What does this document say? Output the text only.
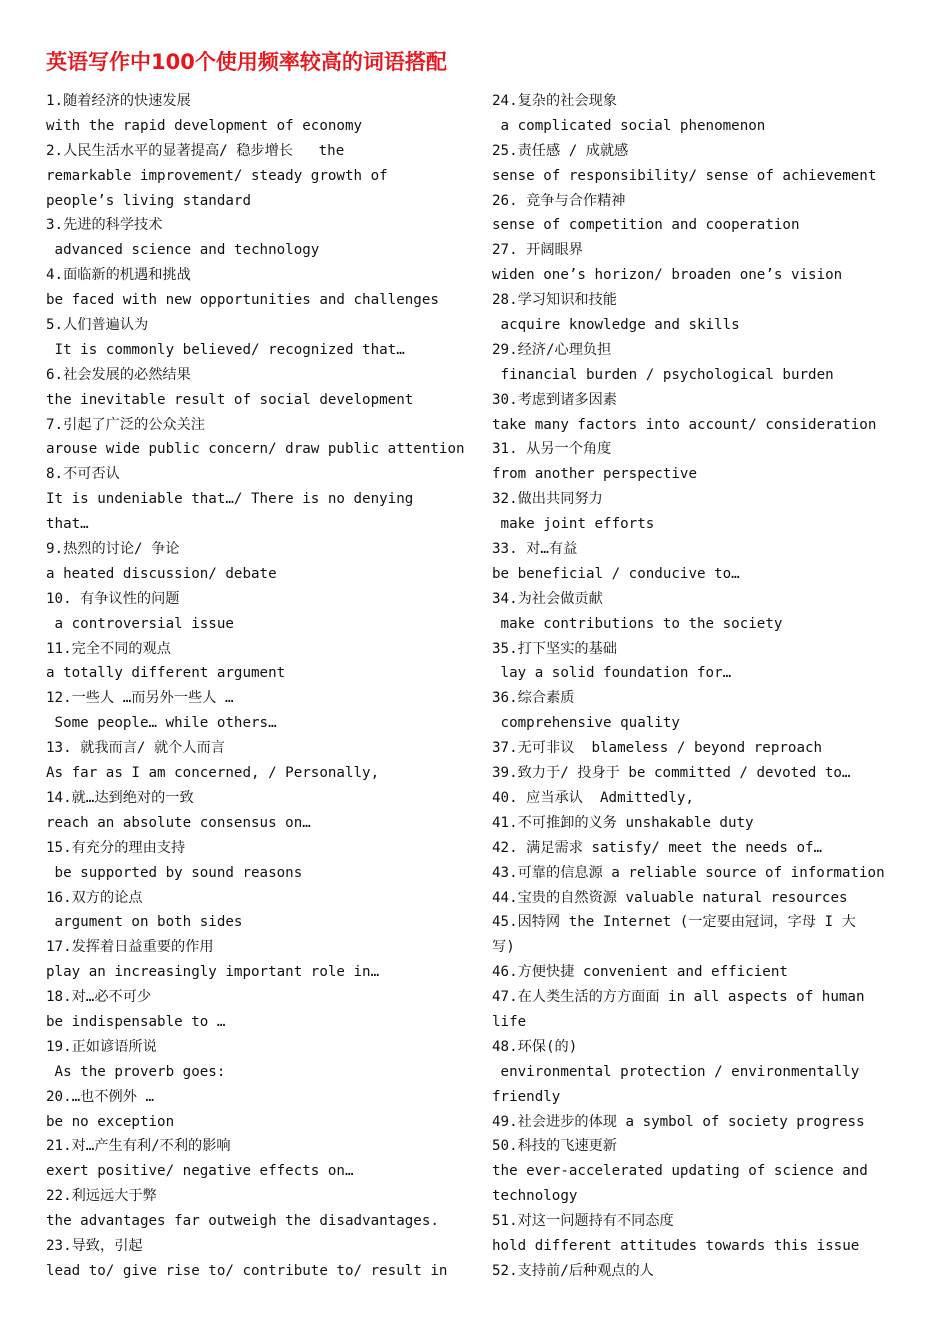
英语写作中100个使用频率较高的词语搭配
1.随着经济的快速发展
with the rapid development of economy
2.人民生活水平的显著提高/ 稳步增长   the
remarkable improvement/ steady growth of
people’s living standard
3.先进的科学技术
advanced science and technology
4.面临新的机遇和挑战
be faced with new opportunities and challenges
5.人们普遍认为
It is commonly believed/ recognized that…
6.社会发展的必然结果
the inevitable result of social development
7.引起了广泛的公众关注
arouse wide public concern/ draw public attention
8.不可否认
It is undeniable that…/ There is no denying
that…
9.热烈的讨论/ 争论
a heated discussion/ debate
10. 有争议性的问题
a controversial issue
11.完全不同的观点
a totally different argument
12.一些人 …而另外一些人 …
Some people… while others…
13. 就我而言/ 就个人而言
As far as I am concerned, / Personally,
14.就…达到绝对的一致
reach an absolute consensus on…
15.有充分的理由支持
be supported by sound reasons
16.双方的论点
argument on both sides
17.发挥着日益重要的作用
play an increasingly important role in…
18.对…必不可少
be indispensable to …
19.正如谚语所说
As the proverb goes:
20.…也不例外 …
be no exception
21.对…产生有利/不利的影响
exert positive/ negative effects on…
22.利远远大于弊
the advantages far outweigh the disadvantages.
23.导致，引起
lead to/ give rise to/ contribute to/ result in
24.复杂的社会现象
a complicated social phenomenon
25.责任感 / 成就感
sense of responsibility/ sense of achievement
26. 竞争与合作精神
sense of competition and cooperation
27. 开阔眼界
widen one’s horizon/ broaden one’s vision
28.学习知识和技能
acquire knowledge and skills
29.经济/心理负担
financial burden / psychological burden
30.考虑到诸多因素
take many factors into account/ consideration
31. 从另一个角度
from another perspective
32.做出共同努力
make joint efforts
33. 对…有益
be beneficial / conducive to…
34.为社会做贡献
make contributions to the society
35.打下坚实的基础
lay a solid foundation for…
36.综合素质
comprehensive quality
37.无可非议  blameless / beyond reproach
39.致力于/ 投身于 be committed / devoted to…
40. 应当承认  Admittedly,
41.不可推卸的义务 unshakable duty
42. 满足需求 satisfy/ meet the needs of…
43.可靠的信息源 a reliable source of information
44.宝贵的自然资源 valuable natural resources
45.因特网 the Internet (一定要由冠词，字母 I 大
写)
46.方便快捷 convenient and efficient
47.在人类生活的方方面面 in all aspects of human
life
48.环保(的)
environmental protection / environmentally
friendly
49.社会进步的体现 a symbol of society progress
50.科技的飞速更新
the ever-accelerated updating of science and
technology
51.对这一问题持有不同态度
hold different attitudes towards this issue
52.支持前/后种观点的人
